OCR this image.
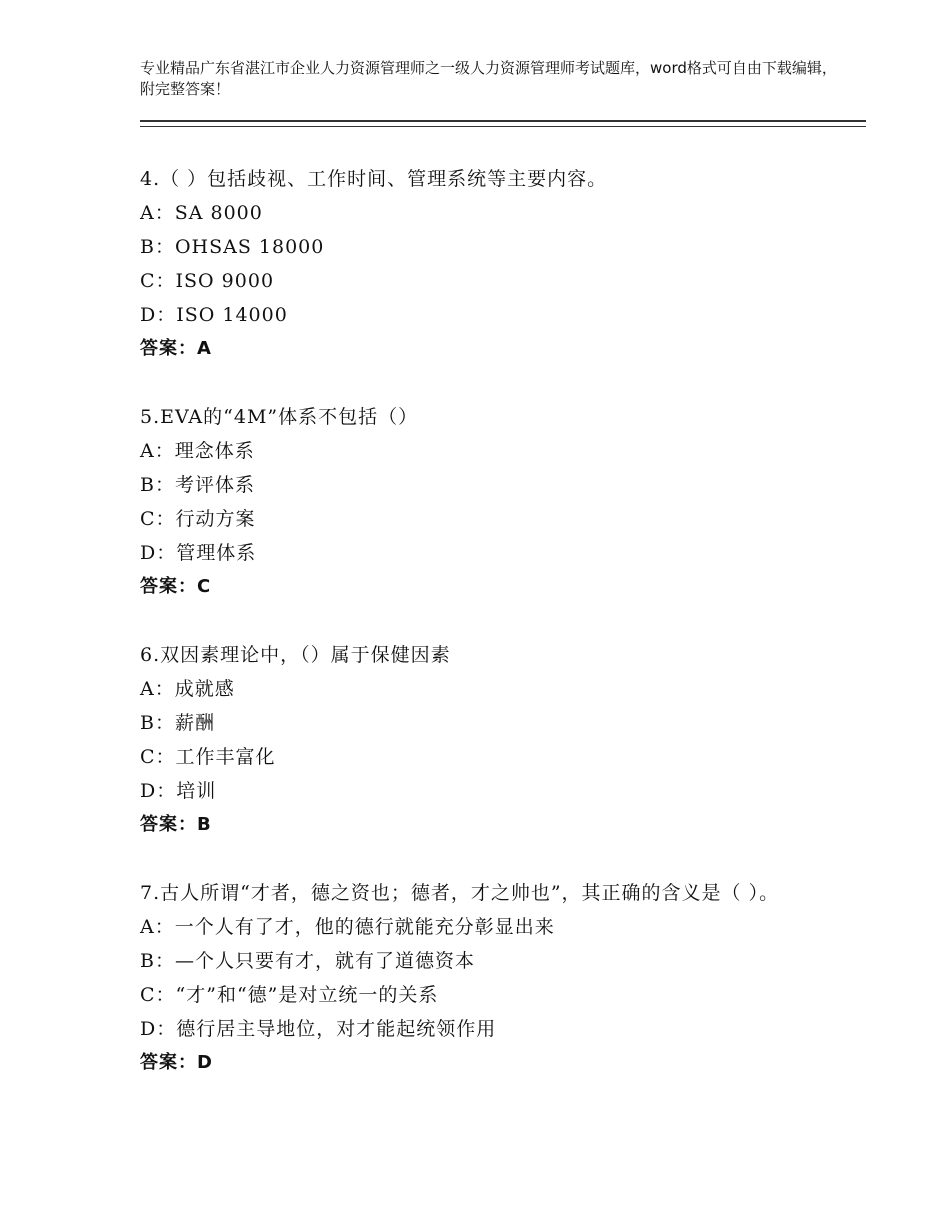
专业精品广东省湛江市企业人力资源管理师之一级人力资源管理师考试题库，word格式可自由下载编辑，附完整答案！
4.（ ）包括歧视、工作时间、管理系统等主要内容。
A：SA 8000
B：OHSAS 18000
C：ISO 9000
D：ISO 14000
答案：A
5.EVA的“4M”体系不包括（）
A：理念体系
B：考评体系
C：行动方案
D：管理体系
答案：C
6.双因素理论中，（）属于保健因素
A：成就感
B：薪酬
C：工作丰富化
D：培训
答案：B
7.古人所谓“才者，德之资也；德者，才之帅也”，其正确的含义是（ ）。
A：一个人有了才，他的德行就能充分彰显出来
B：—个人只要有才，就有了道德资本
C：“才”和“德”是对立统一的关系
D：德行居主导地位，对才能起统领作用
答案：D
